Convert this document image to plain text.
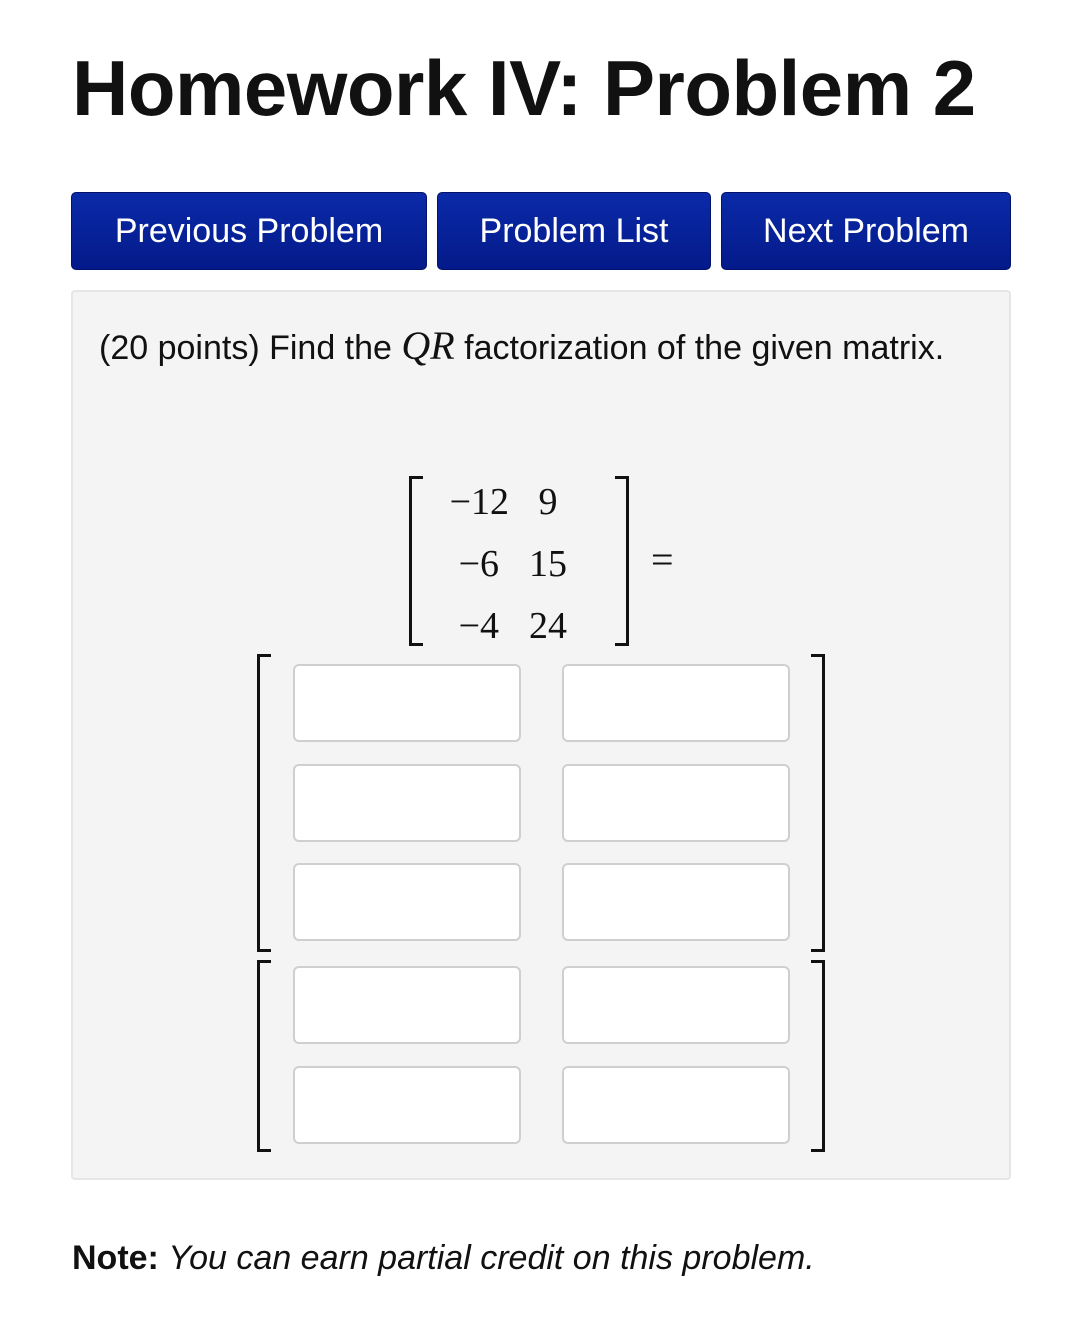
Homework IV: Problem 2
Previous Problem	Problem List	Next Problem
(20 points) Find the QR factorization of the given matrix.
−12 9
−6 15
−4 24
=
Note: You can earn partial credit on this problem.
